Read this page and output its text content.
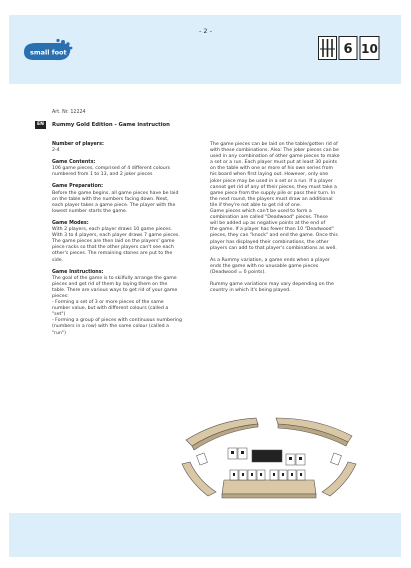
- 2 -
small foot	6 10
Art. Nr. 12224
EN	Rummy Gold Edition - Game instruction
Number of players:

2-4

Game Contents:

106 game pieces, comprised of 4 different colours
numbered from 1 to 13, and 2 joker pieces

Game Preparation:

Before the game begins, all game pieces have be laid
on the table with the numbers facing down. Next,
each player takes a game piece. The player with the
lowest number starts the game.

Game Modes:

With 2 players, each player draws 10 game pieces.
With 3 to 4 players, each player draws 7 game pieces.
The game pieces are then laid on the players' game
piece racks so that the other players can't see each
other's pieces. The remaining stones are put to the
side.

Game Instructions:

The goal of the game is to skilfully arrange the game
pieces and get rid of them by laying them on the
table. There are various ways to get rid of your game
pieces:
- Forming a set of 3 or more pieces of the same
number value, but with different colours (called a
"set")
- Forming a group of pieces with continuous numbering
(numbers in a row) with the same colour (called a
"run")

The game pieces can be laid on the table/gotten rid of
with these combinations. Also: The joker pieces can be
used in any combination of other game pieces to make
a set or a run. Each player must put at least 30 points
on the table with one or more of his own series from
his board when first laying out. However, only one
joker piece may be used in a set or a run. If a player
cannot get rid of any of their pieces, they must take a
game piece from the supply pile or pass their turn. In
the next round, the players must draw an additional
tile if they're not able to get rid of one.
Game pieces which can't be used to form a
combination are called "Deadwood" pieces. These
will be added up as negative points at the end of
the game. If a player has fewer than 10 "Deadwood"
pieces, they can "knock" and end the game. Once this
player has displayed their combinations, the other
players can add to that player's combinations as well.

As a Rummy variation, a game ends when a player
ends the game with no unusable game pieces
(Deadwood = 0 points).

Rummy game variations may vary depending on the
country in which it's being played.
